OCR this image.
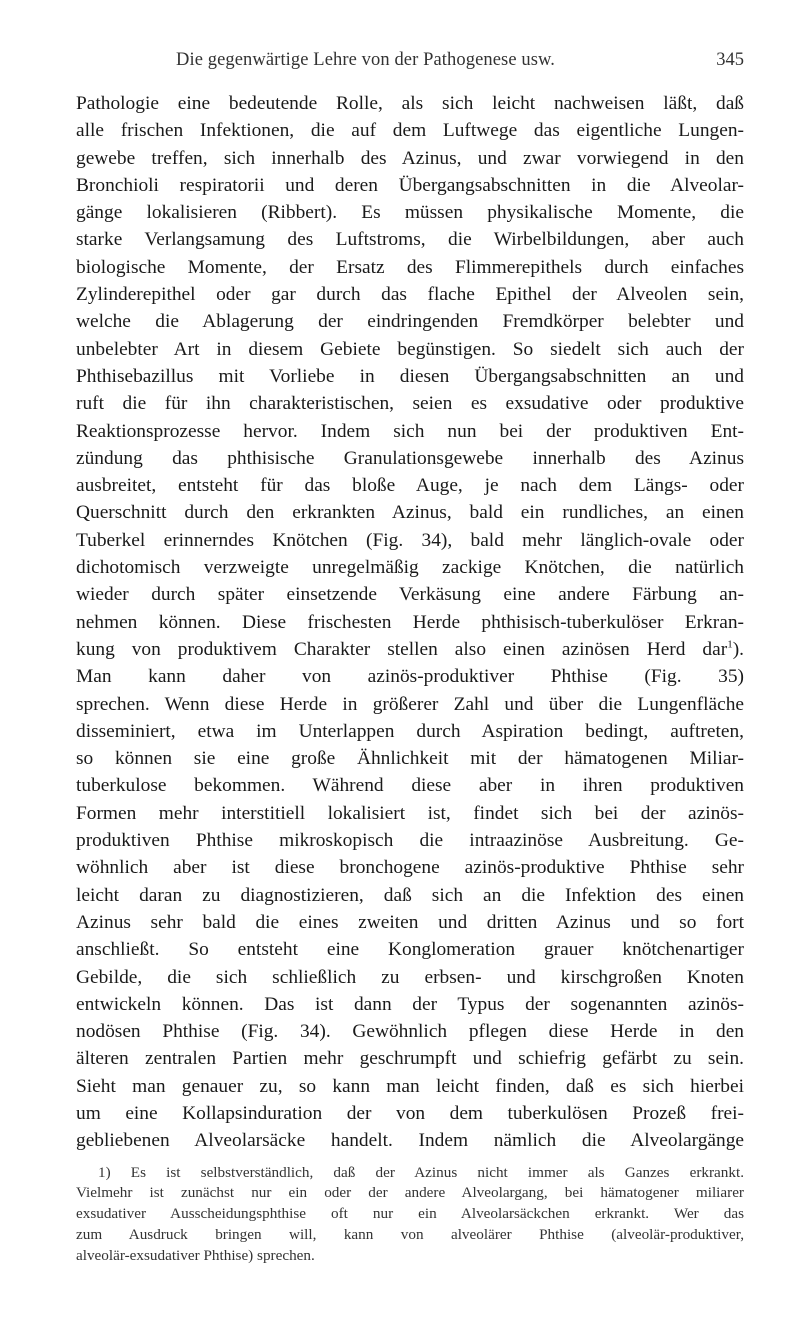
Die gegenwärtige Lehre von der Pathogenese usw.	345
Pathologie eine bedeutende Rolle, als sich leicht nachweisen läßt, daß
alle frischen Infektionen, die auf dem Luftwege das eigentliche Lungen-
gewebe treffen, sich innerhalb des Azinus, und zwar vorwiegend in den
Bronchioli respiratorii und deren Übergangsabschnitten in die Alveolar-
gänge lokalisieren (Ribbert). Es müssen physikalische Momente, die
starke Verlangsamung des Luftstroms, die Wirbelbildungen, aber auch
biologische Momente, der Ersatz des Flimmerepithels durch einfaches
Zylinderepithel oder gar durch das flache Epithel der Alveolen sein,
welche die Ablagerung der eindringenden Fremdkörper belebter und
unbelebter Art in diesem Gebiete begünstigen. So siedelt sich auch der
Phthisebazillus mit Vorliebe in diesen Übergangsabschnitten an und
ruft die für ihn charakteristischen, seien es exsudative oder produktive
Reaktionsprozesse hervor. Indem sich nun bei der produktiven Ent-
zündung das phthisische Granulationsgewebe innerhalb des Azinus
ausbreitet, entsteht für das bloße Auge, je nach dem Längs- oder
Querschnitt durch den erkrankten Azinus, bald ein rundliches, an einen
Tuberkel erinnerndes Knötchen (Fig. 34), bald mehr länglich-ovale oder
dichotomisch verzweigte unregelmäßig zackige Knötchen, die natürlich
wieder durch später einsetzende Verkäsung eine andere Färbung an-
nehmen können. Diese frischesten Herde phthisisch-tuberkulöser Erkran-
kung von produktivem Charakter stellen also einen azinösen Herd dar$^1$).
Man kann daher von azinös-produktiver Phthise (Fig. 35)
sprechen. Wenn diese Herde in größerer Zahl und über die Lungenfläche
disseminiert, etwa im Unterlappen durch Aspiration bedingt, auftreten,
so können sie eine große Ähnlichkeit mit der hämatogenen Miliar-
tuberkulose bekommen. Während diese aber in ihren produktiven
Formen mehr interstitiell lokalisiert ist, findet sich bei der azinös-
produktiven Phthise mikroskopisch die intraazinöse Ausbreitung. Ge-
wöhnlich aber ist diese bronchogene azinös-produktive Phthise sehr
leicht daran zu diagnostizieren, daß sich an die Infektion des einen
Azinus sehr bald die eines zweiten und dritten Azinus und so fort
anschließt. So entsteht eine Konglomeration grauer knötchenartiger
Gebilde, die sich schließlich zu erbsen- und kirschgroßen Knoten
entwickeln können. Das ist dann der Typus der sogenannten azinös-
nodösen Phthise (Fig. 34). Gewöhnlich pflegen diese Herde in den
älteren zentralen Partien mehr geschrumpft und schiefrig gefärbt zu sein.
Sieht man genauer zu, so kann man leicht finden, daß es sich hierbei
um eine Kollapsinduration der von dem tuberkulösen Prozeß frei-
gebliebenen Alveolarsäcke handelt. Indem nämlich die Alveolargänge
1) Es ist selbstverständlich, daß der Azinus nicht immer als Ganzes erkrankt.
Vielmehr ist zunächst nur ein oder der andere Alveolargang, bei hämatogener miliarer
exsudativer Ausscheidungsphthise oft nur ein Alveolarsäckchen erkrankt. Wer das
zum Ausdruck bringen will, kann von alveolärer Phthise (alveolär-produktiver,
alveolär-exsudativer Phthise) sprechen.
